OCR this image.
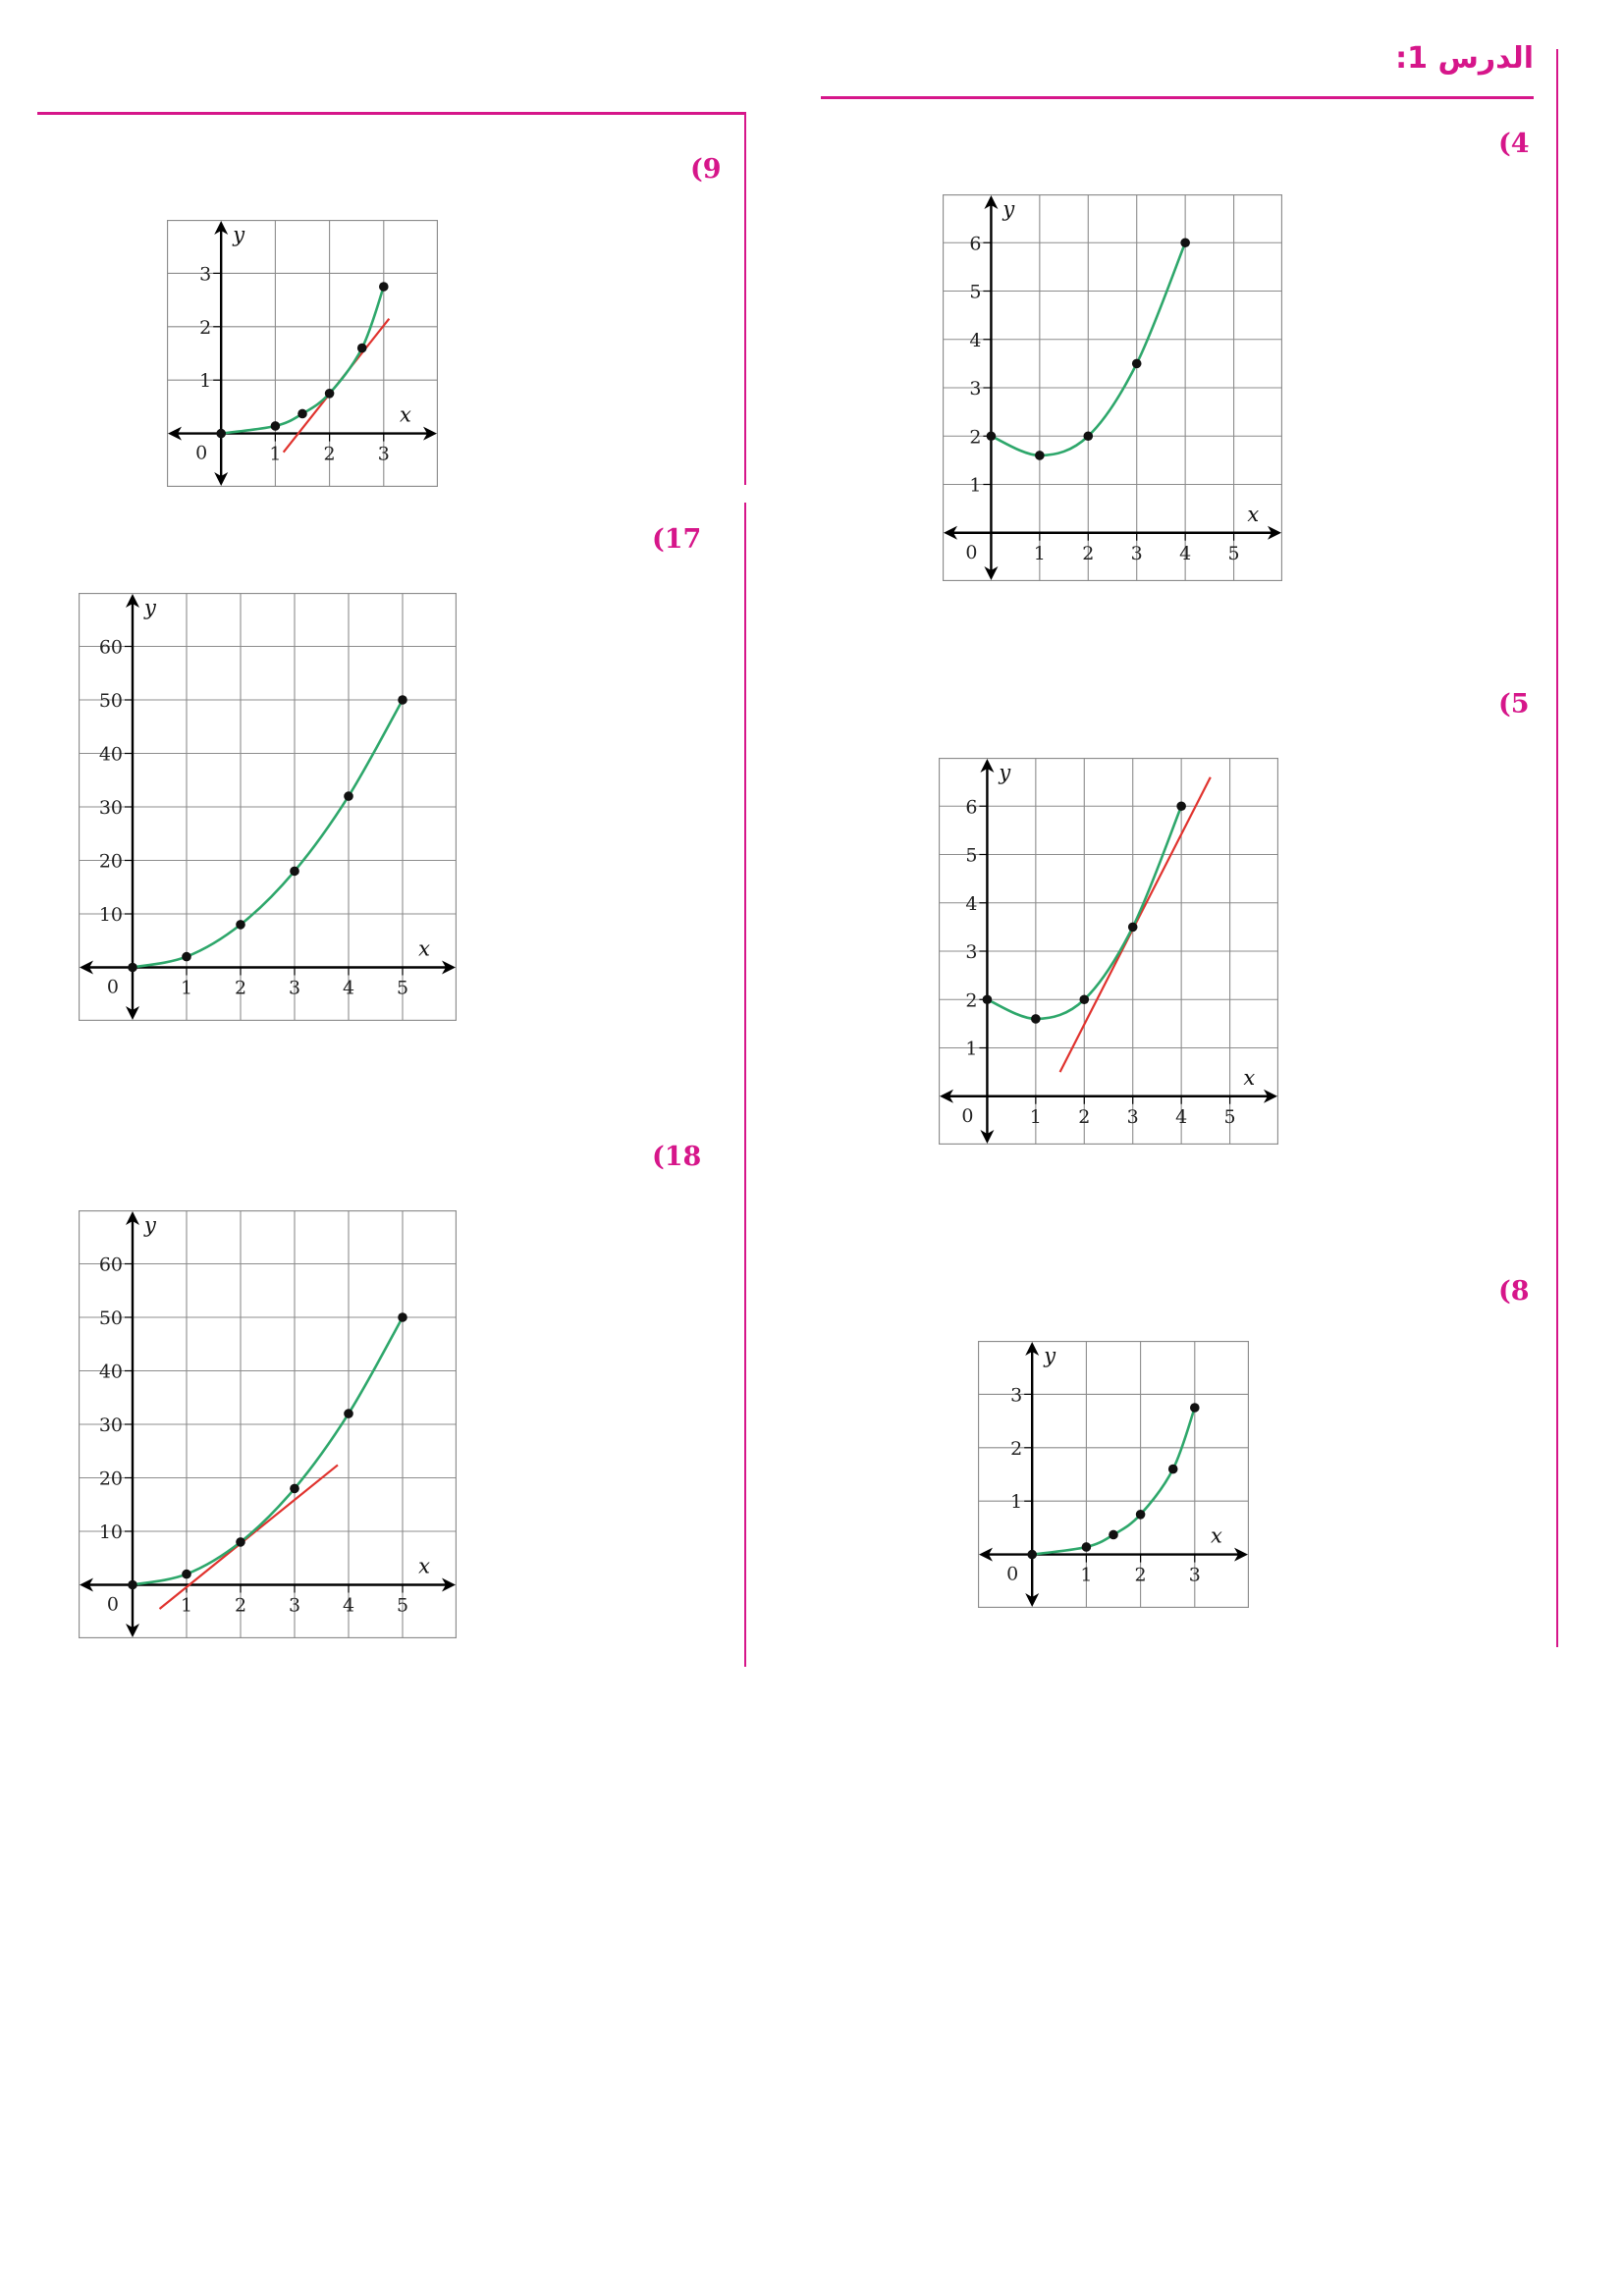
الدرس 1:
(4
(5
(8
(9
(17
(18
1 2 3 4 5
1
2
3
4
5
6
0
x
y
1 2 3 4 5
1
2
3
4
5
6
0
x
y
1 2 3
1
2
3
0
x
y
1 2 3
1
2
3
0
x
y
1 2 3 4 5
10
20
30
40
50
60
0
x
y
1 2 3 4 5
10
20
30
40
50
60
0
x
y
